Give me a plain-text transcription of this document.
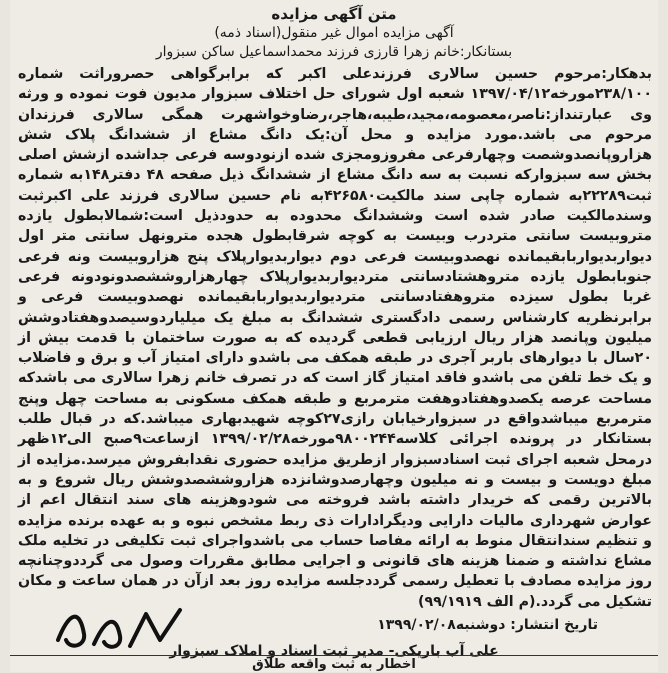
متن آگهی مزایده
آگهی مزایده اموال غیر منقول(اسناد ذمه)
بستانکار:خانم زهرا قارزی فرزند محمداسماعیل ساکن سبزوار
بدهکار:مرحوم حسین سالاری فرزندعلی اکبر که برابرگواهی حصروراثت شماره ۲۳۸/۱۰۰مورخه۱۳۹۷/۰۴/۱۲ شعبه اول شورای حل اختلاف سبزوار مدیون فوت نموده و ورثه وی عبارتنداز:ناصر،معصومه،مجید،طیبه،هاجر،رضاوخواشهرت همگی سالاری فرزندان مرحوم می باشد.مورد مزایده و محل آن:یک دانگ مشاع از ششدانگ پلاک شش هزاروپانصدوشصت وچهارفرعی مفروزومجزی شده ازنودوسه فرعی جداشده ازشش اصلی بخش سه سبزوارکه نسبت به سه دانگ مشاع از ششدانگ ذیل صفحه ۴۸ دفتر۱۴۸به شماره ثبت۲۲۲۸۹به شماره چاپی سند مالکیت۴۲۶۵۸۰به نام حسین سالاری فرزند علی اکبرثبت وسندمالکیت صادر شده است وششدانگ محدوده به حدودذیل است:شمالابطول یازده متروبیست سانتی متردرب وبیست به کوچه شرقابطول هجده مترونهل سانتی متر اول دیواربدیواربابقیمانده نهصدوبیست فرعی دوم دیواربدیوارپلاک پنج هزاروبیست ونه فرعی جنوبابطول یازده متروهشتادسانتی متردیواربدیوارپلاک چهارهزاروششصدونودونه فرعی غربا بطول سیزده متروهفتادسانتی متردیواربدیواربابقیمانده نهصدوبیست فرعی و برابرنظریه کارشناس رسمی دادگستری ششدانگ به مبلغ یک میلیاردوسیصدوهفتادوشش میلیون وپانصد هزار ریال ارزیابی قطعی گردیده که به صورت ساختمان با قدمت بیش از ۲۰سال با دیوارهای باربر آجری در طبقه همکف می باشدو دارای امتیاز آب و برق و فاضلاب و یک خط تلفن می باشدو فاقد امتیاز گاز است که در تصرف خانم زهرا سالاری می باشدکه مساحت عرصه یکصدوهفتادوهفت مترمربع و طبقه همکف مسکونی به مساحت چهل وپنج مترمربع میباشدواقع در سبزوارخیابان رازی۲۷کوچه شهیدبهاری میباشد.که در قبال طلب بستانکار در پرونده اجرائی کلاسه۹۸۰۰۲۴۴مورخه۱۳۹۹/۰۲/۲۸ ازساعت۹صبح الی۱۲ظهر درمحل شعبه اجرای ثبت اسنادسبزوار ازطریق مزایده حضوری نقدابفروش میرسد.مزایده از مبلغ دویست و بیست و نه میلیون وچهارصدوشانزده هزاروششصدوشش ریال شروع و به بالاترین رقمی که خریدار داشته باشد فروخته می شودوهزینه های سند انتقال اعم از عوارض شهرداری مالیات دارایی ودیگرادارات ذی ربط مشخص نبوه و به عهده برنده مزایده و تنظیم سندانتقال منوط به ارائه مفاصا حساب می باشدواجرای ثبت تکلیفی در تخلیه ملک مشاع نداشته و ضمنا هزینه های قانونی و اجرایی مطابق مقررات وصول می گرددوچنانچه روز مزایده مصادف با تعطیل رسمی گرددجلسه مزایده روز بعد ازآن در همان ساعت و مکان تشکیل می گردد.(م الف ۹۹/۱۹۱۹)
تاریخ انتشار: دوشنبه۱۳۹۹/۰۲/۰۸
علی آب باریکی- مدیر ثبت اسناد و املاک سبزوار
اخطار به ثبت واقعه طلاق
